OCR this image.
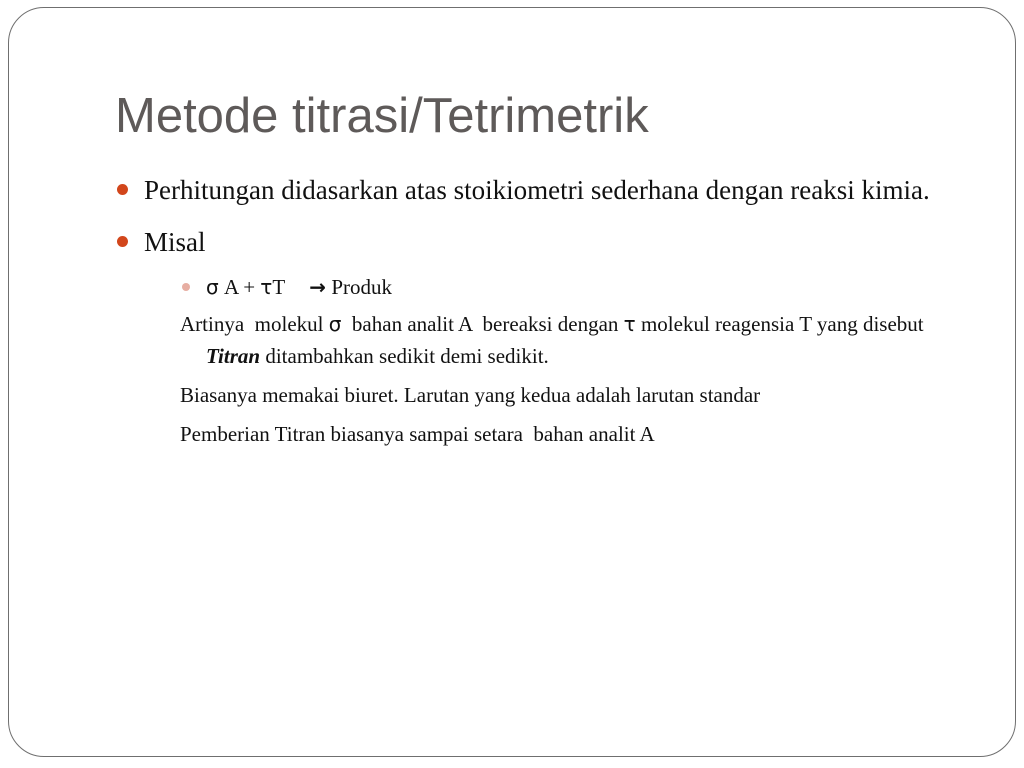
Metode titrasi/Tetrimetrik
Perhitungan didasarkan atas stoikiometri sederhana dengan reaksi kimia.
Misal
σ A + τT → Produk
Artinya  molekul σ  bahan analit A  bereaksi dengan τ molekul reagensia T yang disebut Titran ditambahkan sedikit demi sedikit.
Biasanya memakai biuret. Larutan yang kedua adalah larutan standar
Pemberian Titran biasanya sampai setara  bahan analit A
